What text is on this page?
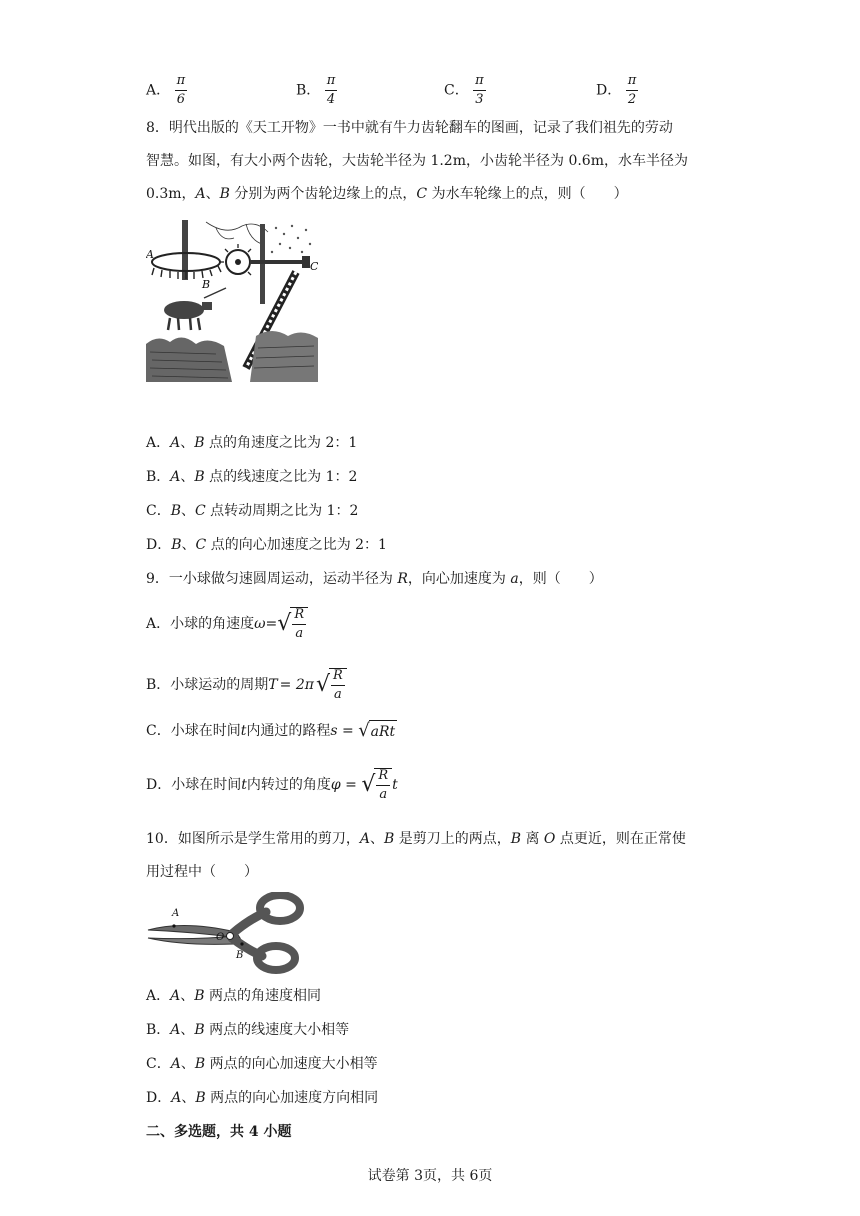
A． $\frac{\pi}{6}$	B． $\frac{\pi}{4}$	C． $\frac{\pi}{3}$	D． $\frac{\pi}{2}$
8．明代出版的《天工开物》一书中就有牛力齿轮翻车的图画，记录了我们祖先的劳动
智慧。如图，有大小两个齿轮，大齿轮半径为 1.2m，小齿轮半径为 0.6m，水车半径为
0.3m，A、B 分别为两个齿轮边缘上的点，C 为水车轮缘上的点，则（　　）
A
B
C
A．A、B 点的角速度之比为 2：1
B．A、B 点的线速度之比为 1：2
C．B、C 点转动周期之比为 1：2
D．B、C 点的向心加速度之比为 2：1
9．一小球做匀速圆周运动，运动半径为 R，向心加速度为 a，则（　　）
A． 小球的角速度 ω = √ $\frac{R}{a}$
B． 小球运动的周期 T = 2π √ $\frac{R}{a}$
C． 小球在时间 t 内通过的路程 s = √ aRt
D． 小球在时间 t 内转过的角度 φ = √ $\frac{R}{a}$ t
10．如图所示是学生常用的剪刀，A、B 是剪刀上的两点，B 离 O 点更近，则在正常使
用过程中（　　）
A
O
B
A．A、B 两点的角速度相同
B．A、B 两点的线速度大小相等
C．A、B 两点的向心加速度大小相等
D．A、B 两点的向心加速度方向相同
二、多选题，共 4 小题
试卷第 3页，共 6页
